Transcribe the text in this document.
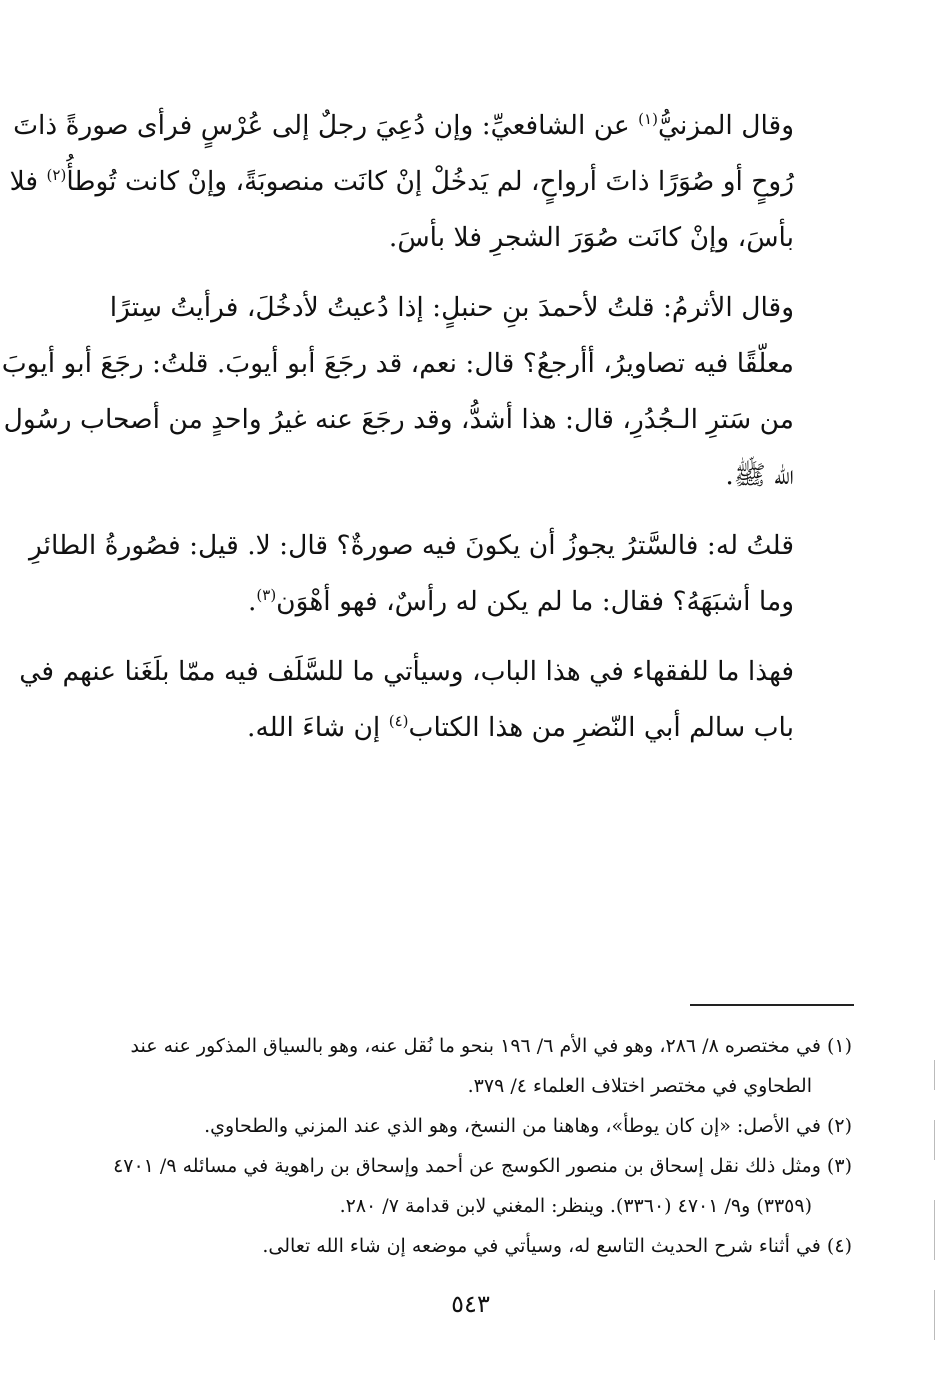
وقال المزنيُّ$^{(١)}$ عن الشافعيِّ: وإن دُعِيَ رجلٌ إلى عُرْسٍ فرأى صورةً ذاتَ
رُوحٍ أو صُوَرًا ذاتَ أرواحٍ، لم يَدخُلْ إنْ كانَت منصوبَةً، وإنْ كانت تُوطأُ$^{(٢)}$ فلا
بأسَ، وإنْ كانَت صُوَرَ الشجرِ فلا بأسَ.

وقال الأثرمُ: قلتُ لأحمدَ بنِ حنبلٍ: إذا دُعيتُ لأدخُلَ، فرأيتُ سِترًا
معلّقًا فيه تصاويرُ، أأرجعُ؟ قال: نعم، قد رجَعَ أبو أيوبَ. قلتُ: رجَعَ أبو أيوبَ
من سَترِ الـجُدُرِ، قال: هذا أشدُّ، وقد رجَعَ عنه غيرُ واحدٍ من أصحاب رسُول
الله ﷺ.

قلتُ له: فالسَّترُ يجوزُ أن يكونَ فيه صورةٌ؟ قال: لا. قيل: فصُورةُ الطائرِ
وما أشبَهَهُ؟ فقال: ما لم يكن له رأسٌ، فهو أهْوَن$^{(٣)}$.

فهذا ما للفقهاء في هذا الباب، وسيأتي ما للسَّلَف فيه ممّا بلَغَنا عنهم في
باب سالم أبي النّضرِ من هذا الكتاب$^{(٤)}$ إن شاءَ الله.

(١) في مختصره ٨/ ٢٨٦، وهو في الأم ٦/ ١٩٦ بنحو ما نُقل عنه، وهو بالسياق المذكور عنه عند
الطحاوي في مختصر اختلاف العلماء ٤/ ٣٧٩.

(٢) في الأصل: «إن كان يوطأ»، وهاهنا من النسخ، وهو الذي عند المزني والطحاوي.

(٣) ومثل ذلك نقل إسحاق بن منصور الكوسج عن أحمد وإسحاق بن راهوية في مسائله ٩/ ٤٧٠١
(٣٣٥٩) و٩/ ٤٧٠١ (٣٣٦٠). وينظر: المغني لابن قدامة ٧/ ٢٨٠.

(٤) في أثناء شرح الحديث التاسع له، وسيأتي في موضعه إن شاء الله تعالى.

٥٤٣
